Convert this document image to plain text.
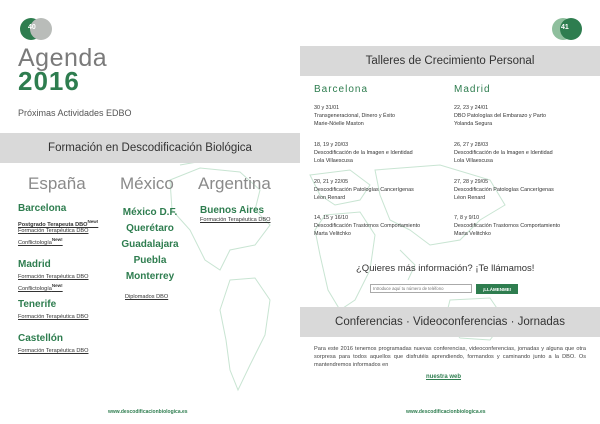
40
Agenda
2016
Próximas Actividades EDBO
Formación en Descodificación Biológica
España México Argentina
Barcelona
Postgrado Terapeuta $DBO^{New!}$
Formación Terapéutica DBO
Conflictología$^{New!}$
Madrid
Formación Terapéutica DBO
Conflictología$^{New!}$
Tenerife
Formación Terapéutica DBO
Castellón
Formación Terapéutica DBO
México D.F.
Querétaro
Guadalajara
Puebla
Monterrey
Diplomados DBO
Buenos Aires
Formación Terapéutica DBO
www.descodificacionbiologica.es
41
Talleres de Crecimiento Personal
Barcelona	Madrid
30 y 31/01
Transgeneracional, Dinero y Éxito
Marie-Nöelle Maston
18, 19 y 20/03
Descodificación de la Imagen e Identidad
Lola Villaescusa
20, 21 y 22/05
Descodificación Patologías Cancerígenas
Léon Renard
14, 15 y 16/10
Descodificación Trastornos Comportamiento
Marta Velitchko
22, 23 y 24/01
DBO Patologías del Embarazo y Parto
Yolanda Segura
26, 27 y 28/03
Descodificación de la Imagen e Identidad
Lola Villaescusa
27, 28 y 29/05
Descodificación Patologías Cancerígenas
Léon Renard
7, 8 y 9/10
Descodificación Trastornos Comportamiento
Marta Velitchko
¿Quieres más información? ¡Te llámamos!
Introduce aquí tu número de teléfono
¡LLÁMENME!
Conferencias · Videoconferencias · Jornadas
Para este 2016 tenemos programadas nuevas conferencias, videoconferencias, jornadas y alguna que otra sorpresa para todos aquellos que disfrutéis aprendiendo, formandos y caminando junto a la DBO. Os mantendremos informados en
nuestra web
www.descodificacionbiologica.es
